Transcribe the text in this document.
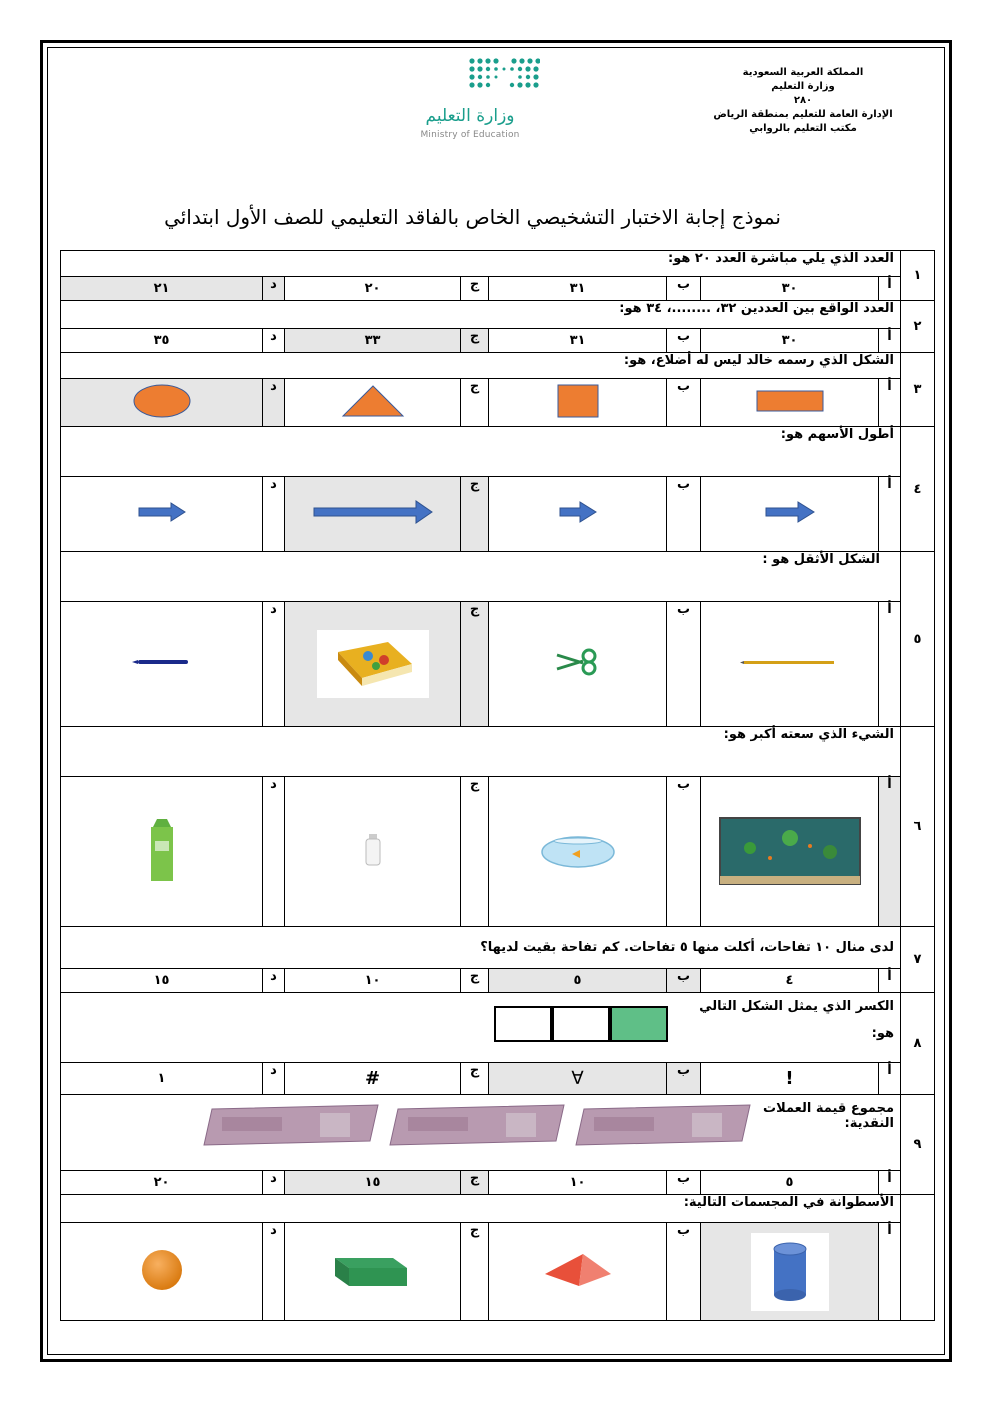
المملكة العربية السعودية
وزارة التعليم
٢٨٠
الإدارة العامة للتعليم بمنطقة الرياض
مكتب التعليم بالروابي
وزارة التعليم
Ministry of Education
نموذج إجابة الاختبار التشخيصي الخاص بالفاقد التعليمي للصف الأول ابتدائي
١	العدد الذي يلي مباشرة العدد ٢٠ هو:							
	أ	٣٠	ب	٣١	ج	٢٠	د	٢١
٢	العدد الواقع بين العددين ٣٢، ........، ٣٤ هو:							
	أ	٣٠	ب	٣١	ج	٣٣	د	٣٥
٣	الشكل الذي رسمه خالد ليس له أضلاع، هو:							
	أ		ب		ج		د	
٤	أطول الأسهم هو:							
	أ		ب		ج		د	
٥	الشكل الأثقل هو :							
	أ		ب		ج		د	
٦	الشيء الذي سعته أكبر هو:							
	أ		ب		ج		د	
٧	لدى منال ١٠ تفاحات، أكلت منها ٥ تفاحات. كم تفاحة بقيت لديها؟							
	أ	٤	ب	٥	ج	١٠	د	١٥
٨	الكسر الذي يمثل الشكل التالي
هو:							

	أ	!	ب	∀	ج	#	د	١
٩	مجموع قيمة العملات
النقدية:							

	أ	٥	ب	١٠	ج	١٥	د	٢٠
	الأسطوانة في المجسمات التالية:							
	أ		ب		ج		د	
